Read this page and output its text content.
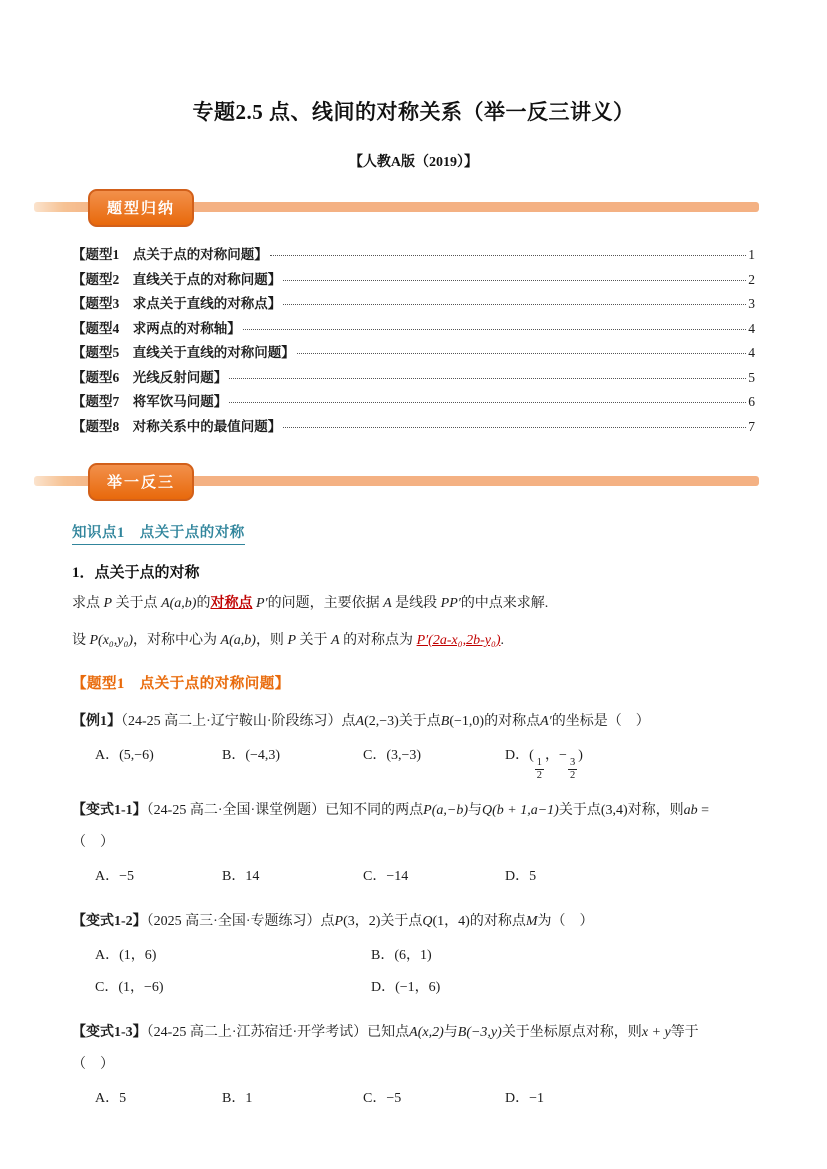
专题2.5 点、线间的对称关系（举一反三讲义）
【人教A版（2019）】
题型归纳
【题型1　点关于点的对称问题】	1
【题型2　直线关于点的对称问题】	2
【题型3　求点关于直线的对称点】	3
【题型4　求两点的对称轴】	4
【题型5　直线关于直线的对称问题】	4
【题型6　光线反射问题】	5
【题型7　将军饮马问题】	6
【题型8　对称关系中的最值问题】	7
举一反三
知识点1　点关于点的对称
1．点关于点的对称

求点 P 关于点 A(a,b)的对称点 P′的问题，主要依据 A 是线段 PP′的中点来求解.

设 P(x₀,y₀)，对称中心为 A(a,b)，则 P 关于 A 的对称点为 P′(2a-x₀,2b-y₀).

【题型1　点关于点的对称问题】

【例1】（24-25 高二上·辽宁鞍山·阶段练习）点A(2,−3)关于点B(−1,0)的对称点A′的坐标是（　）

A．(5,−6)	B．(−4,3)	C．(3,−3)	D．(
$\frac{1}{2}$
，−
$\frac{3}{2}$
)

【变式1-1】（24-25 高二·全国·课堂例题）已知不同的两点P(a,−b)与Q(b + 1,a−1)关于点(3,4)对称，则ab =
（　）

A．−5	B．14	C．−14	D．5

【变式1-2】（2025 高三·全国·专题练习）点P(3，2)关于点Q(1，4)的对称点M为（　）

A．(1，6)	B．(6，1)
C．(1，−6)	D．(−1，6)

【变式1-3】（24-25 高二上·江苏宿迁·开学考试）已知点A(x,2)与B(−3,y)关于坐标原点对称，则x + y等于
（　）

A．5	B．1	C．−5	D．−1
